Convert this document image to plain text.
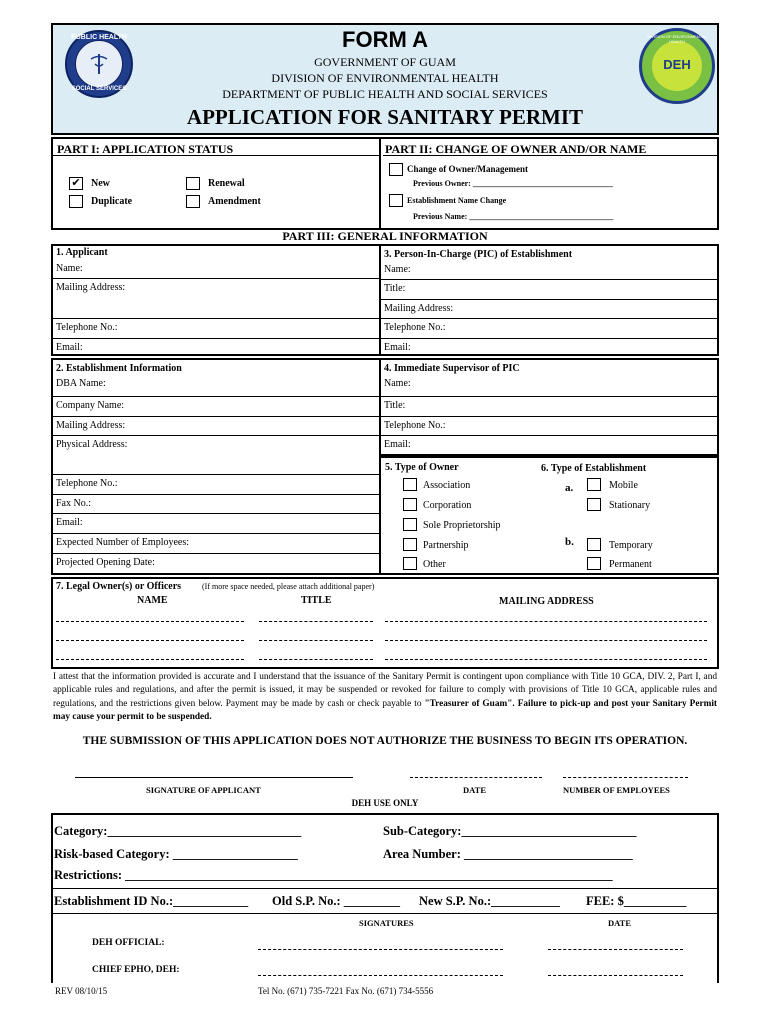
PUBLIC HEALTH
SOCIAL SERVICES
FORM A
GOVERNMENT OF GUAM
DIVISION OF ENVIRONMENTAL HEALTH
DEPARTMENT OF PUBLIC HEALTH AND SOCIAL SERVICES
APPLICATION FOR SANITARY PERMIT
DEH
DIVISION OF ENVIRONMENTAL HEALTH
PART I: APPLICATION STATUS
✔ New
Duplicate
Renewal
Amendment
PART II: CHANGE OF OWNER AND/OR NAME
Change of Owner/Management
Previous Owner: ___________________________________
Establishment Name Change
Previous Name: ____________________________________
PART III: GENERAL INFORMATION
1. Applicant
Name:
Mailing Address:
Telephone No.:
Email:
3. Person-In-Charge (PIC) of Establishment
Name:
Title:
Mailing Address:
Telephone No.:
Email:
2. Establishment Information
DBA Name:
Company Name:
Mailing Address:
Physical Address:
Telephone No.:
Fax No.:
Email:
Expected Number of Employees:
Projected Opening Date:
4. Immediate Supervisor of PIC
Name:
Title:
Telephone No.:
Email:
5. Type of Owner	6. Type of Establishment
Association
Corporation
Sole Proprietorship
Partnership
Other
a.	Mobile
Stationary
b.	Temporary
Permanent
7. Legal Owner(s) or Officers	(If more space needed, please attach additional paper)
NAME	TITLE	MAILING ADDRESS
I attest that the information provided is accurate and I understand that the issuance of the Sanitary Permit is contingent upon compliance with Title 10 GCA, DIV. 2, Part I, and applicable rules and regulations, and after the permit is issued, it may be suspended or revoked for failure to comply with provisions of Title 10 GCA, applicable rules and regulations, and the restrictions given below. Payment may be made by cash or check payable to "Treasurer of Guam". Failure to pick-up and post your Sanitary Permit may cause your permit to be suspended.
THE SUBMISSION OF THIS APPLICATION DOES NOT AUTHORIZE THE BUSINESS TO BEGIN ITS OPERATION.
SIGNATURE OF APPLICANT	DATE	NUMBER OF EMPLOYEES
DEH USE ONLY
Category:_______________________________	Sub-Category:____________________________
Risk-based Category: ____________________	Area Number: ___________________________
Restrictions: ______________________________________________________________________________
Establishment ID No.:____________ Old S.P. No.: _________ New S.P. No.:___________ FEE: $__________
SIGNATURES	DATE
DEH OFFICIAL:
CHIEF EPHO, DEH:
REV 08/10/15	Tel No. (671) 735-7221 Fax No. (671) 734-5556
